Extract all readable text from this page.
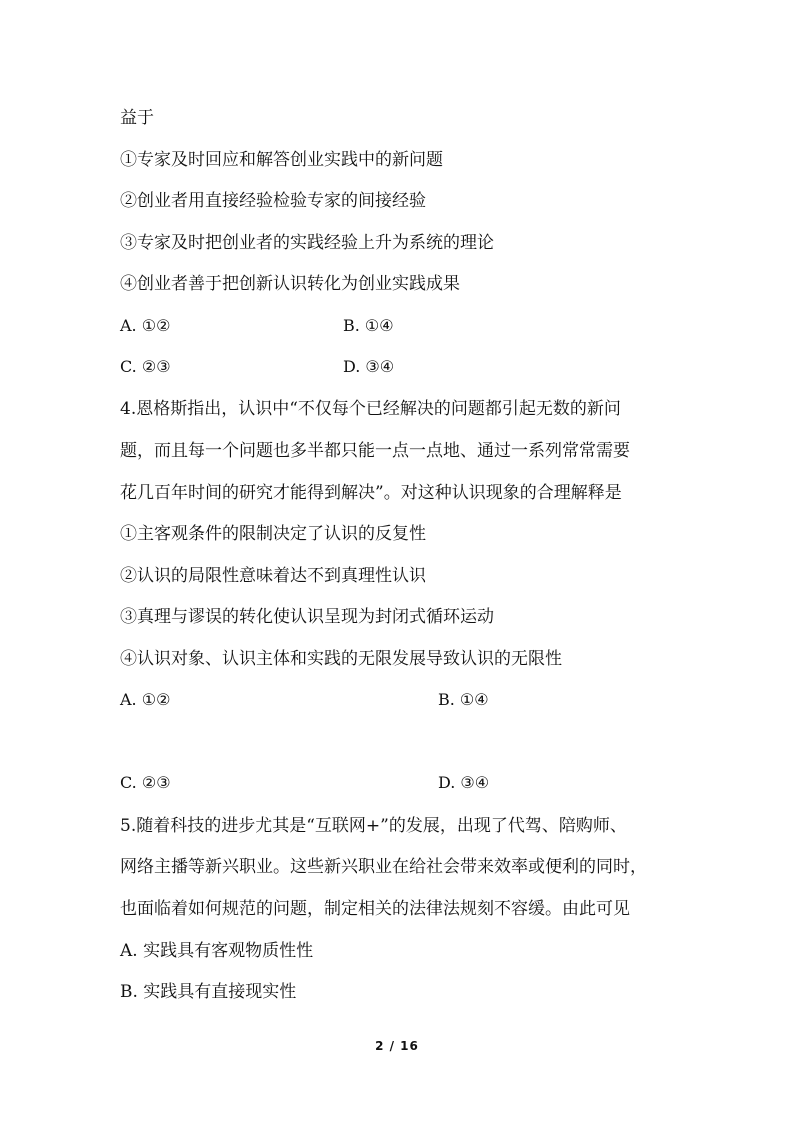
益于
①专家及时回应和解答创业实践中的新问题
②创业者用直接经验检验专家的间接经验
③专家及时把创业者的实践经验上升为系统的理论
④创业者善于把创新认识转化为创业实践成果
A. ①②	B. ①④
C. ②③	D. ③④
4.恩格斯指出，认识中“不仅每个已经解决的问题都引起无数的新问
题，而且每一个问题也多半都只能一点一点地、通过一系列常常需要
花几百年时间的研究才能得到解决”。对这种认识现象的合理解释是
①主客观条件的限制决定了认识的反复性
②认识的局限性意味着达不到真理性认识
③真理与谬误的转化使认识呈现为封闭式循环运动
④认识对象、认识主体和实践的无限发展导致认识的无限性
A. ①②	B. ①④
C. ②③	D. ③④
5.随着科技的进步尤其是“互联网+”的发展，出现了代驾、陪购师、
网络主播等新兴职业。这些新兴职业在给社会带来效率或便利的同时，
也面临着如何规范的问题，制定相关的法律法规刻不容缓。由此可见
A. 实践具有客观物质性性
B. 实践具有直接现实性
2 / 16
